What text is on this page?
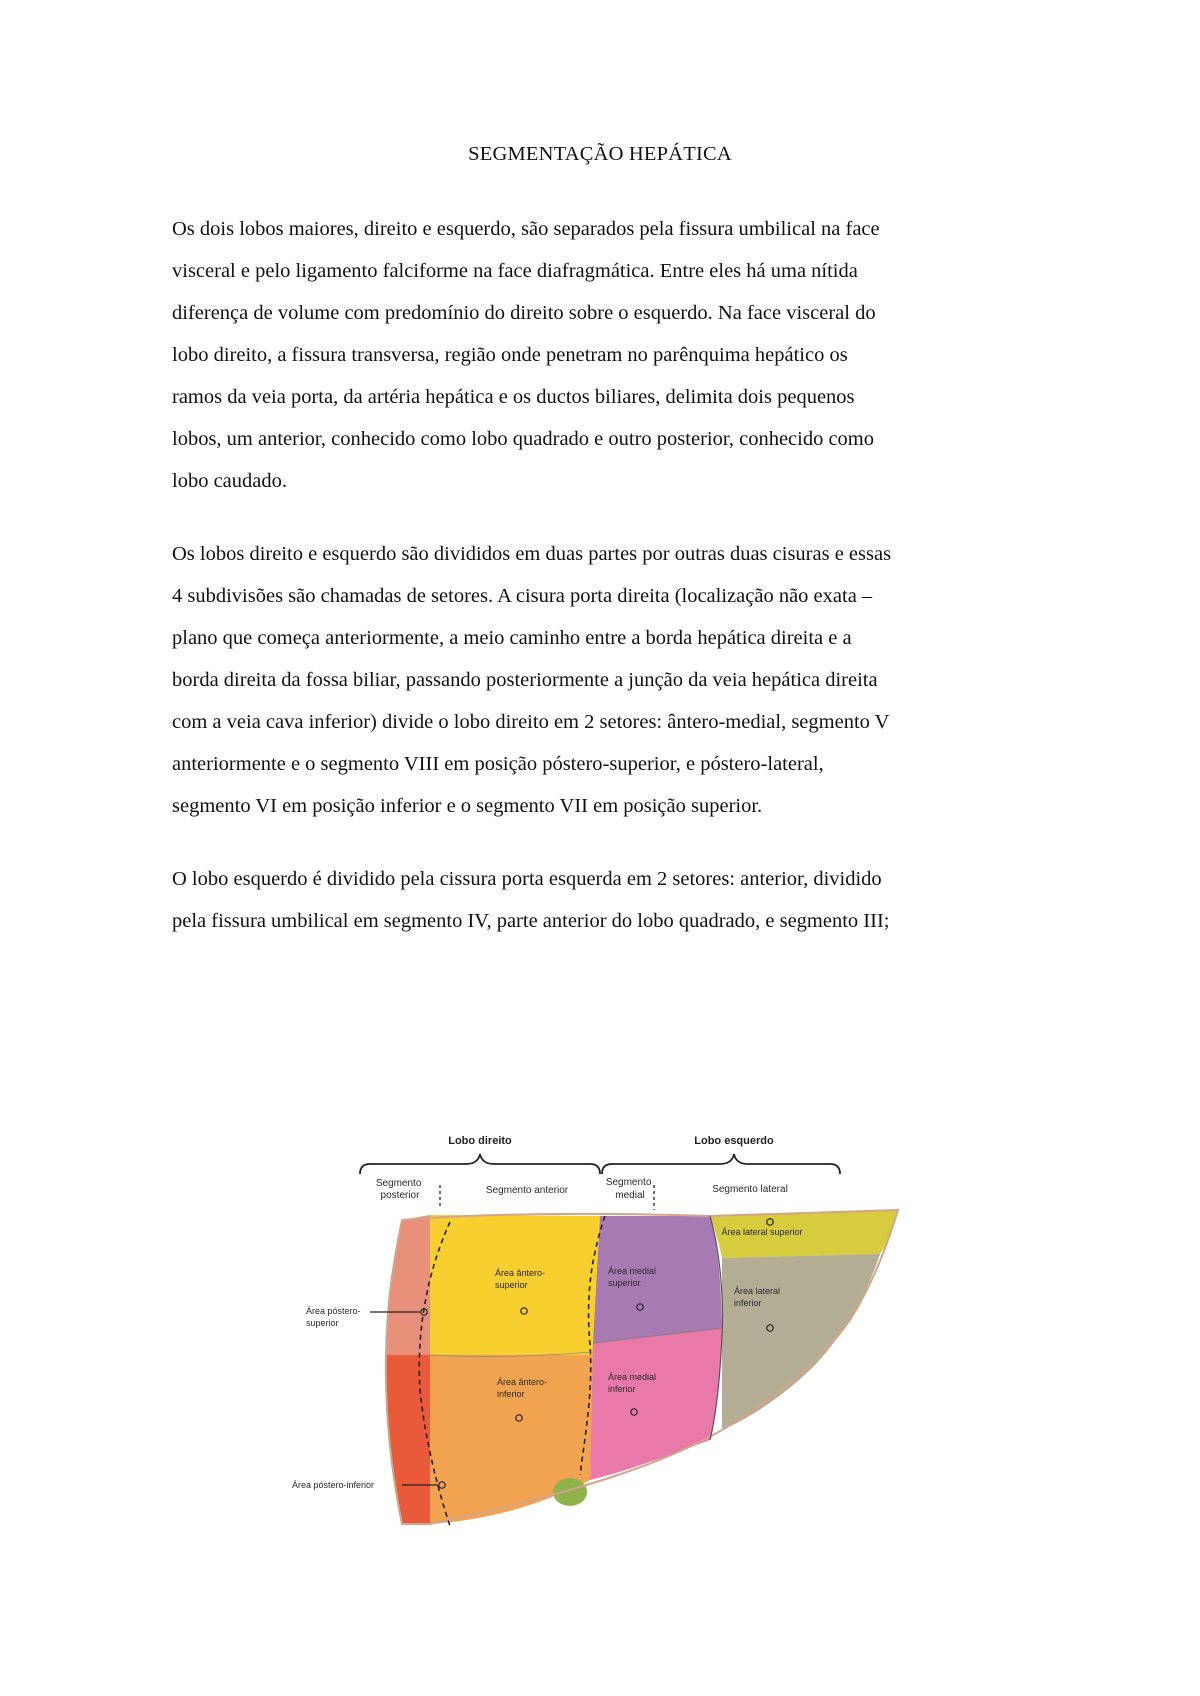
SEGMENTAÇÃO HEPÁTICA

Os dois lobos maiores, direito e esquerdo, são separados pela fissura umbilical na face
visceral e pelo ligamento falciforme na face diafragmática. Entre eles há uma nítida
diferença de volume com predomínio do direito sobre o esquerdo. Na face visceral do
lobo direito, a fissura transversa, região onde penetram no parênquima hepático os
ramos da veia porta, da artéria hepática e os ductos biliares, delimita dois pequenos
lobos, um anterior, conhecido como lobo quadrado e outro posterior, conhecido como
lobo caudado.

Os lobos direito e esquerdo são divididos em duas partes por outras duas cisuras e essas
4 subdivisões são chamadas de setores. A cisura porta direita (localização não exata –
plano que começa anteriormente, a meio caminho entre a borda hepática direita e a
borda direita da fossa biliar, passando posteriormente a junção da veia hepática direita
com a veia cava inferior) divide o lobo direito em 2 setores: ântero-medial, segmento V
anteriormente e o segmento VIII em posição póstero-superior, e póstero-lateral,
segmento VI em posição inferior e o segmento VII em posição superior.

O lobo esquerdo é dividido pela cissura porta esquerda em 2 setores: anterior, dividido
pela fissura umbilical em segmento IV, parte anterior do lobo quadrado, e segmento III;

Lobo direito	Lobo esquerdo
Segmento posterior	Segmento anterior
Segmento medial
Segmento lateral
Área lateral superior
Área lateral inferior
Área medial superior
Área medial inferior
Área ântero- superior
Área ântero- inferior
Área póstero- superior
Área póstero-inferior
